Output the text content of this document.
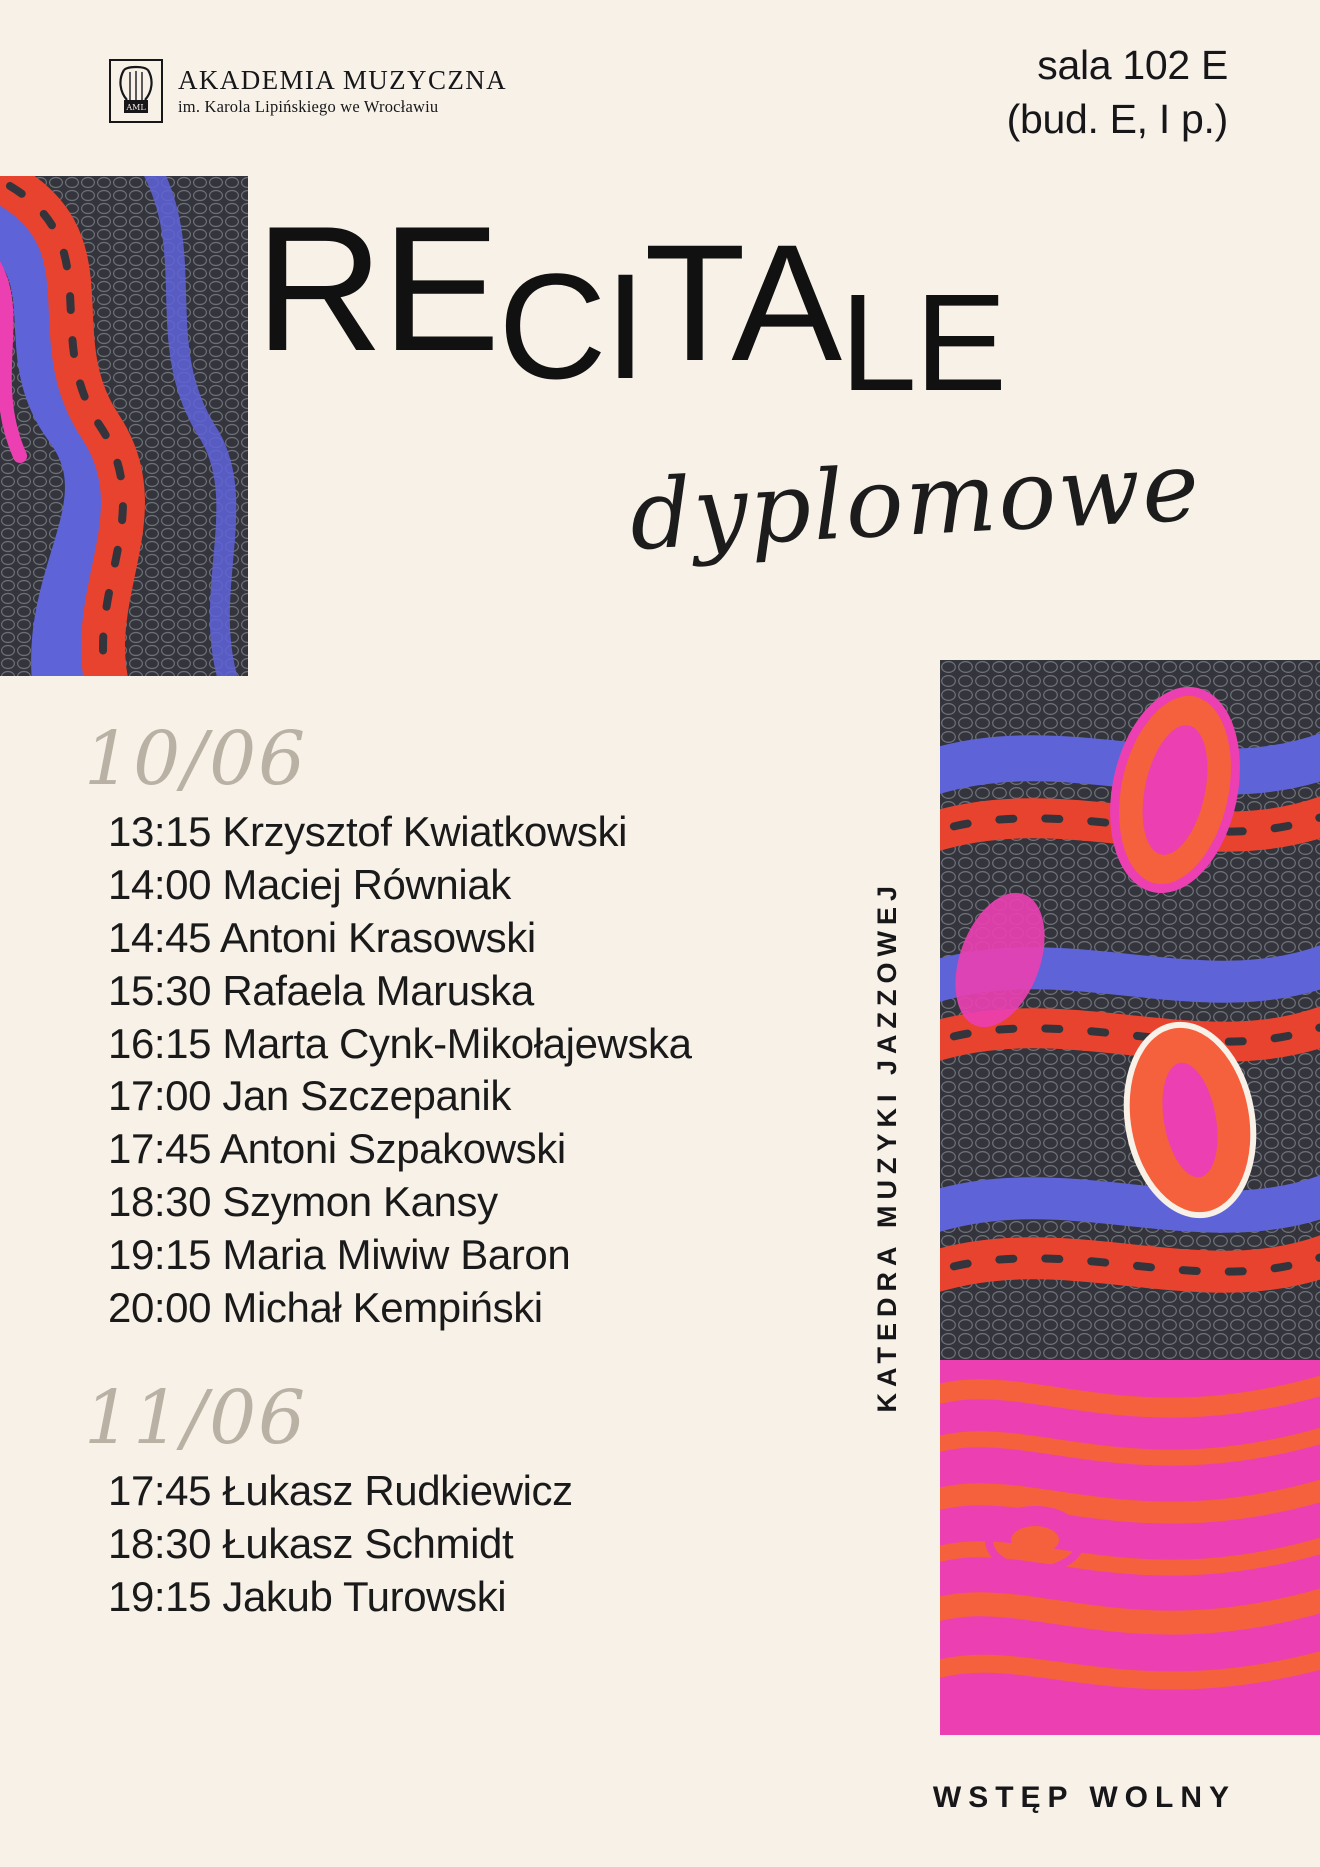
AML
AKADEMIA MUZYCZNA
im. Karola Lipińskiego we Wrocławiu
sala 102 E
(bud. E, I p.)
$RECITA_{LE}$
dyplomowe
KATEDRA MUZYKI JAZZOWEJ
10/06
13:15 Krzysztof Kwiatkowski
14:00 Maciej Równiak
14:45 Antoni Krasowski
15:30 Rafaela Maruska
16:15 Marta Cynk-Mikołajewska
17:00 Jan Szczepanik
17:45 Antoni Szpakowski
18:30 Szymon Kansy
19:15 Maria Miwiw Baron
20:00 Michał Kempiński
11/06
17:45 Łukasz Rudkiewicz
18:30 Łukasz Schmidt
19:15 Jakub Turowski
WSTĘP WOLNY
